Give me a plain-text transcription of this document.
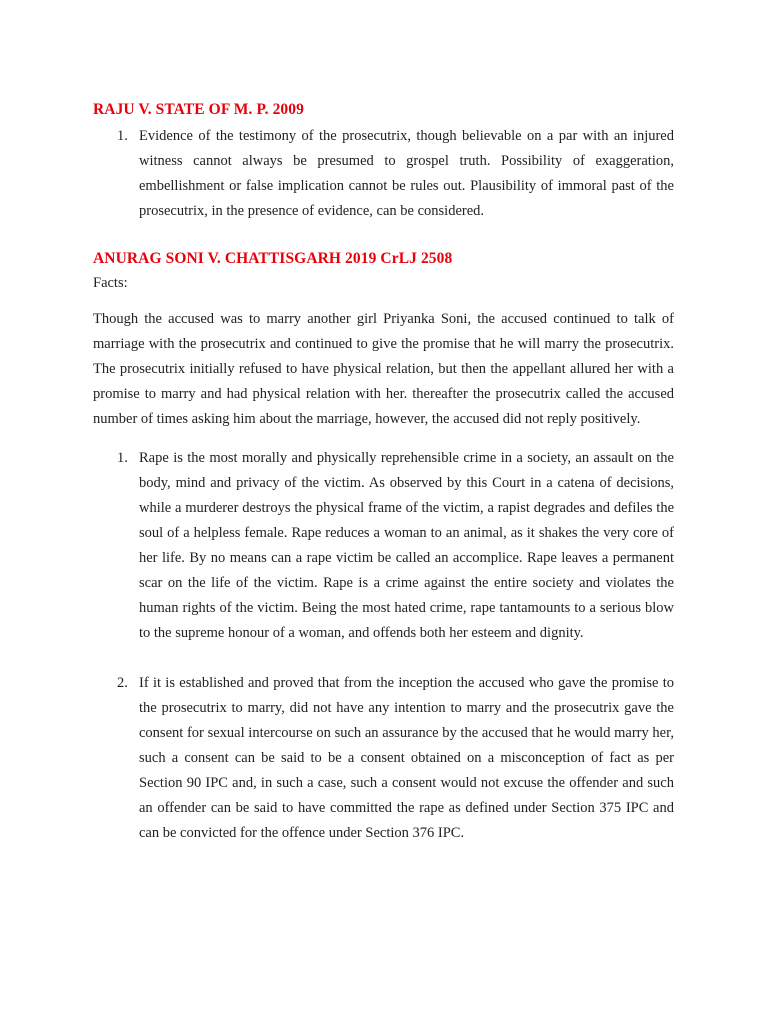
RAJU V. STATE OF M. P. 2009
1. Evidence of the testimony of the prosecutrix, though believable on a par with an injured witness cannot always be presumed to grospel truth. Possibility of exaggeration, embellishment or false implication cannot be rules out. Plausibility of immoral past of the prosecutrix, in the presence of evidence, can be considered.
ANURAG SONI V. CHATTISGARH 2019 CrLJ 2508

Facts:

Though the accused was to marry another girl Priyanka Soni, the accused continued to talk of marriage with the prosecutrix and continued to give the promise that he will marry the prosecutrix. The prosecutrix initially refused to have physical relation, but then the appellant allured her with a promise to marry and had physical relation with her. thereafter the prosecutrix called the accused number of times asking him about the marriage, however, the accused did not reply positively.

1. Rape is the most morally and physically reprehensible crime in a society, an assault on the body, mind and privacy of the victim. As observed by this Court in a catena of decisions, while a murderer destroys the physical frame of the victim, a rapist degrades and defiles the soul of a helpless female. Rape reduces a woman to an animal, as it shakes the very core of her life. By no means can a rape victim be called an accomplice. Rape leaves a permanent scar on the life of the victim. Rape is a crime against the entire society and violates the human rights of the victim. Being the most hated crime, rape tantamounts to a serious blow to the supreme honour of a woman, and offends both her esteem and dignity.
2. If it is established and proved that from the inception the accused who gave the promise to the prosecutrix to marry, did not have any intention to marry and the prosecutrix gave the consent for sexual intercourse on such an assurance by the accused that he would marry her, such a consent can be said to be a consent obtained on a misconception of fact as per Section 90 IPC and, in such a case, such a consent would not excuse the offender and such an offender can be said to have committed the rape as defined under Section 375 IPC and can be convicted for the offence under Section 376 IPC.
